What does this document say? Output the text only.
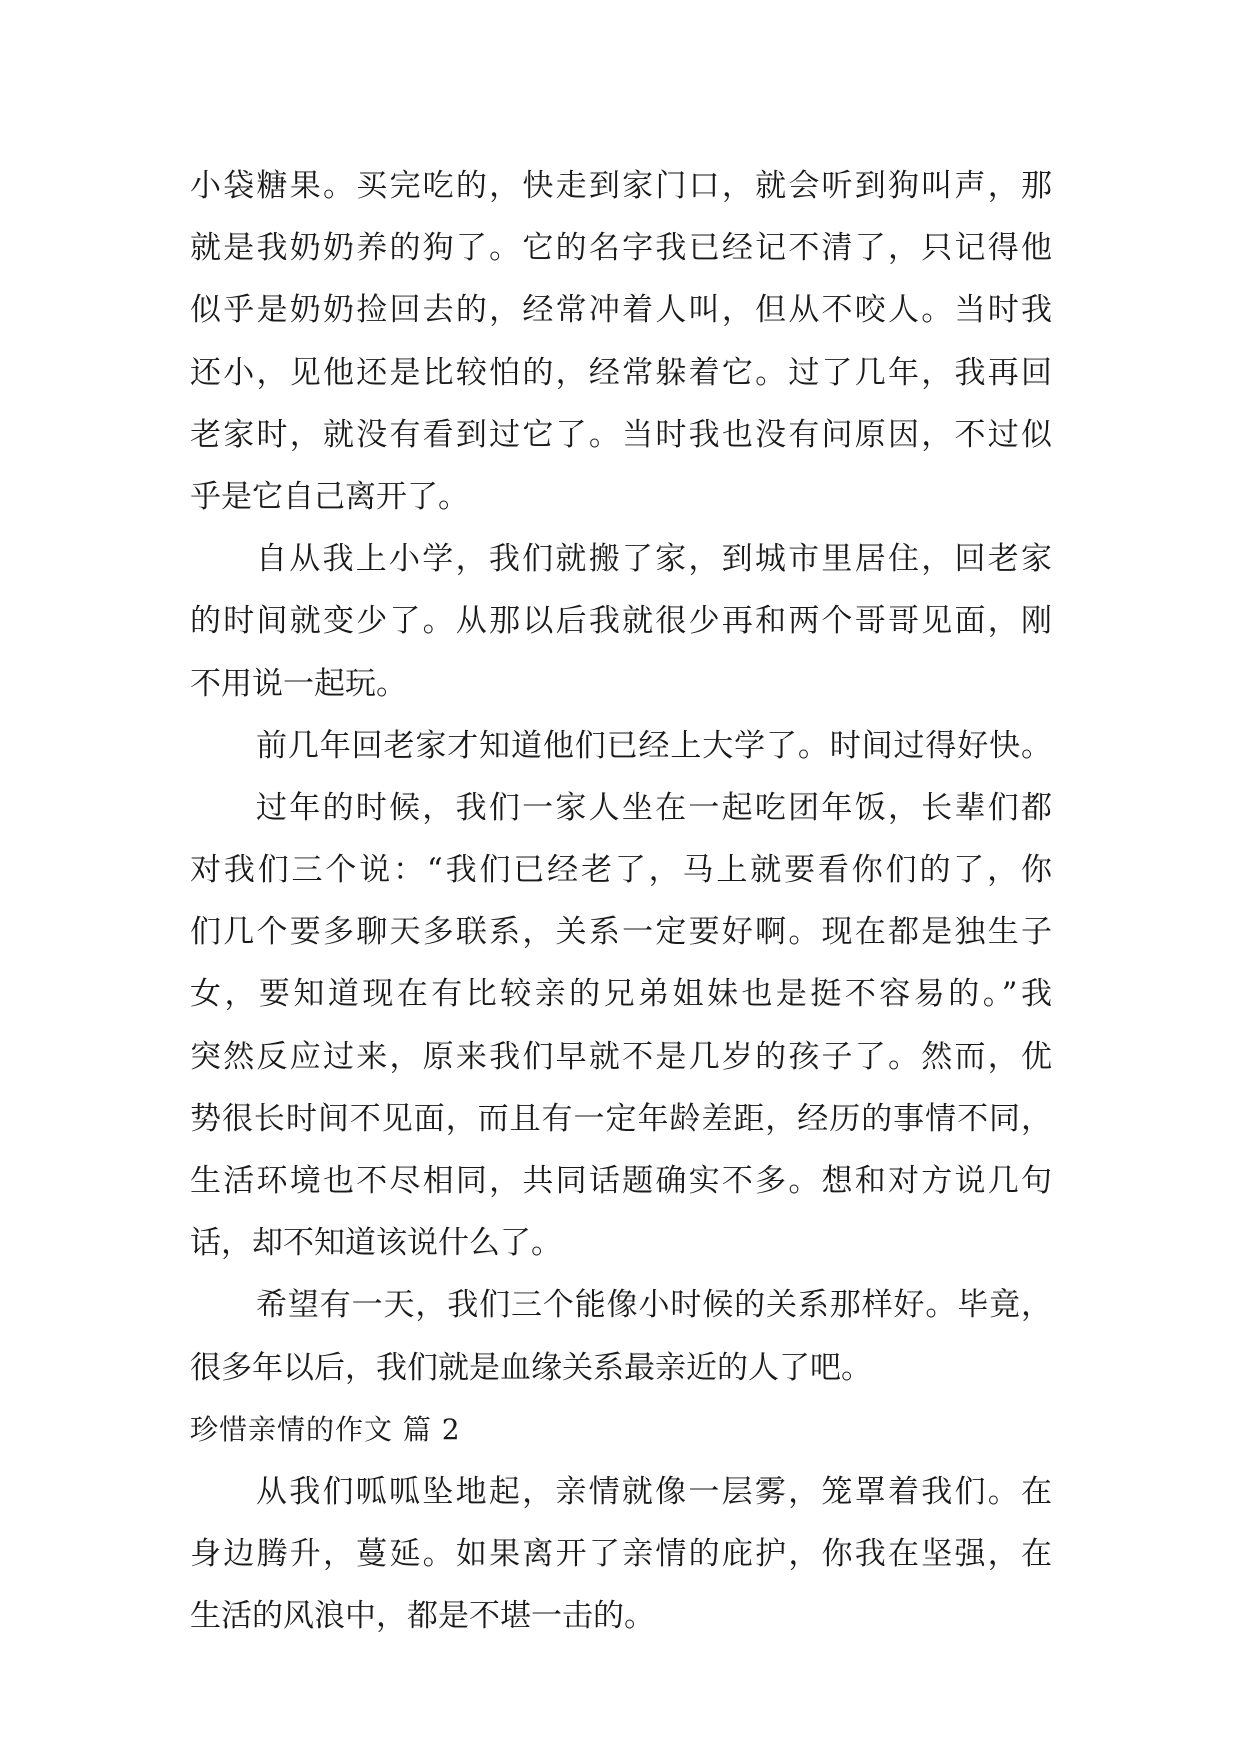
小袋糖果。买完吃的，快走到家门口，就会听到狗叫声，那
就是我奶奶养的狗了。它的名字我已经记不清了，只记得他
似乎是奶奶捡回去的，经常冲着人叫，但从不咬人。当时我
还小，见他还是比较怕的，经常躲着它。过了几年，我再回
老家时，就没有看到过它了。当时我也没有问原因，不过似
乎是它自己离开了。
自从我上小学，我们就搬了家，到城市里居住，回老家
的时间就变少了。从那以后我就很少再和两个哥哥见面，刚
不用说一起玩。
前几年回老家才知道他们已经上大学了。时间过得好快。
过年的时候，我们一家人坐在一起吃团年饭，长辈们都
对我们三个说：“我们已经老了，马上就要看你们的了，你
们几个要多聊天多联系，关系一定要好啊。现在都是独生子
女，要知道现在有比较亲的兄弟姐妹也是挺不容易的。”我
突然反应过来，原来我们早就不是几岁的孩子了。然而，优
势很长时间不见面，而且有一定年龄差距，经历的事情不同，
生活环境也不尽相同，共同话题确实不多。想和对方说几句
话，却不知道该说什么了。
希望有一天，我们三个能像小时候的关系那样好。毕竟，
很多年以后，我们就是血缘关系最亲近的人了吧。
珍惜亲情的作文 篇 2
从我们呱呱坠地起，亲情就像一层雾，笼罩着我们。在
身边腾升，蔓延。如果离开了亲情的庇护，你我在坚强，在
生活的风浪中，都是不堪一击的。
